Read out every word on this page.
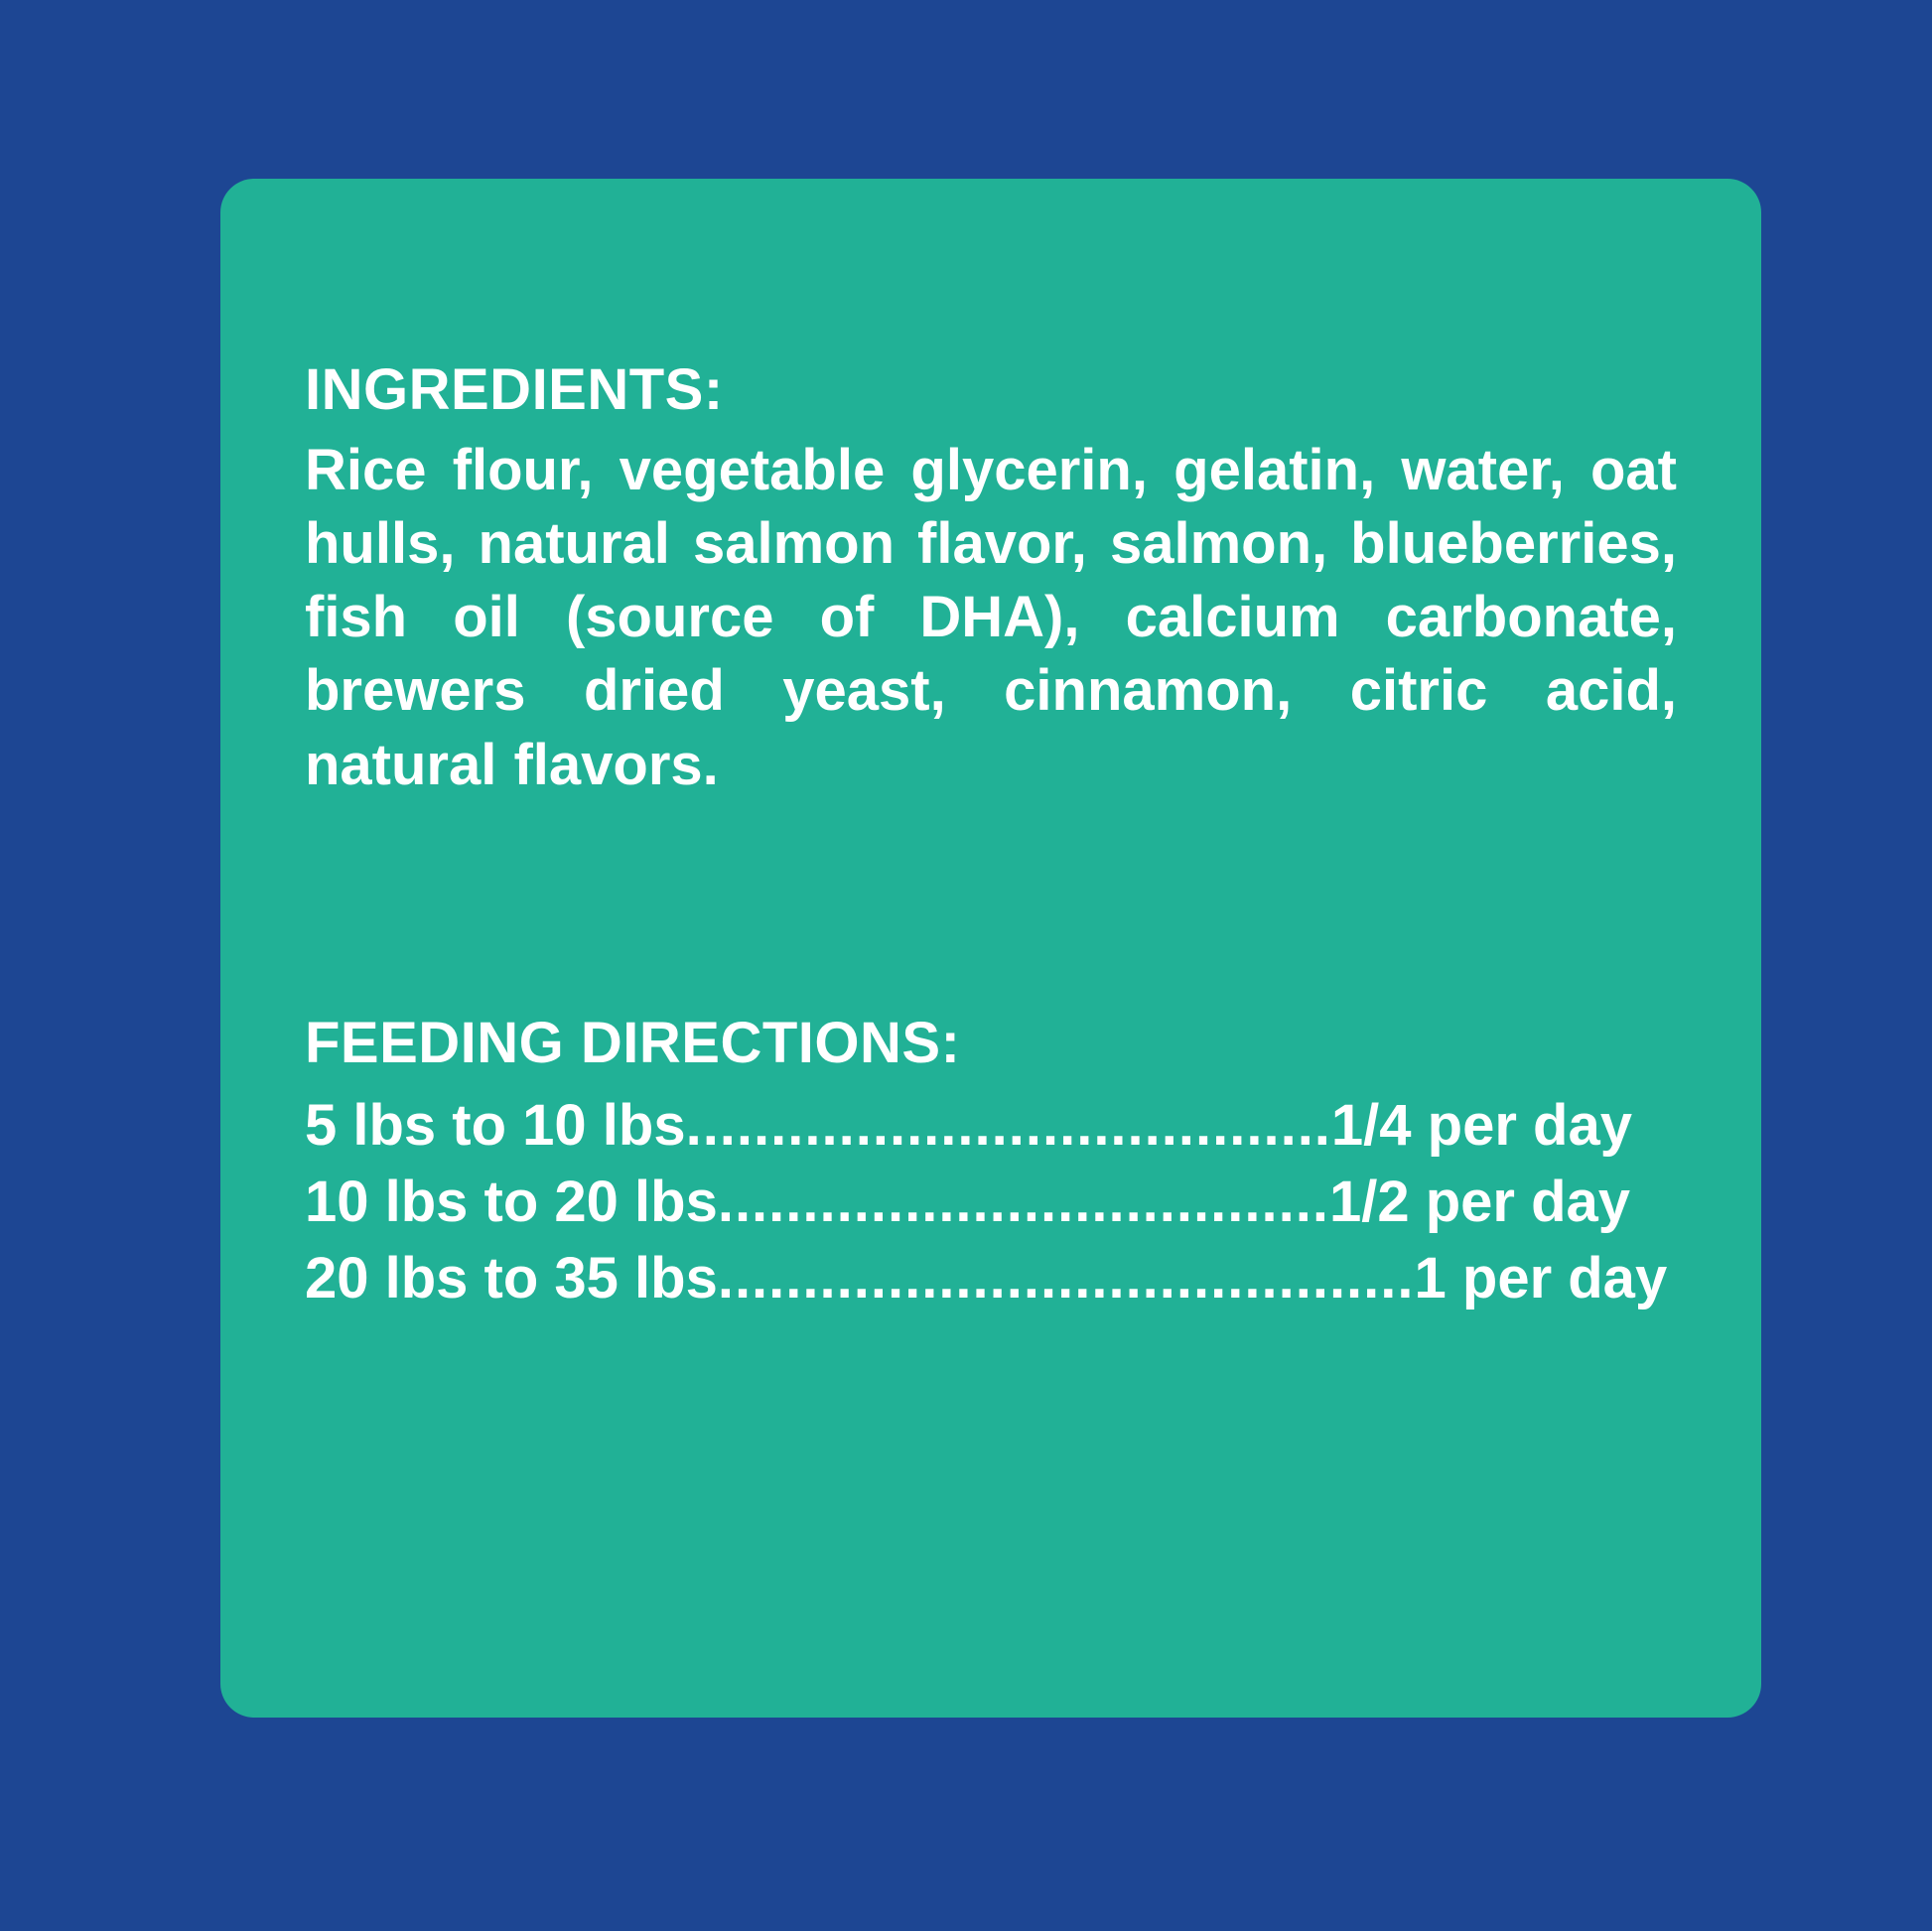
INGREDIENTS:

Rice flour, vegetable glycerin, gelatin, water, oat hulls, natural salmon flavor, salmon, blueberries, fish oil (source of DHA), calcium carbonate, brewers dried yeast, cinnamon, citric acid, natural flavors.

FEEDING DIRECTIONS:
5 lbs to 10 lbs......................................1/4 per day
10 lbs to 20 lbs....................................1/2 per day
20 lbs to 35 lbs.........................................1 per day
